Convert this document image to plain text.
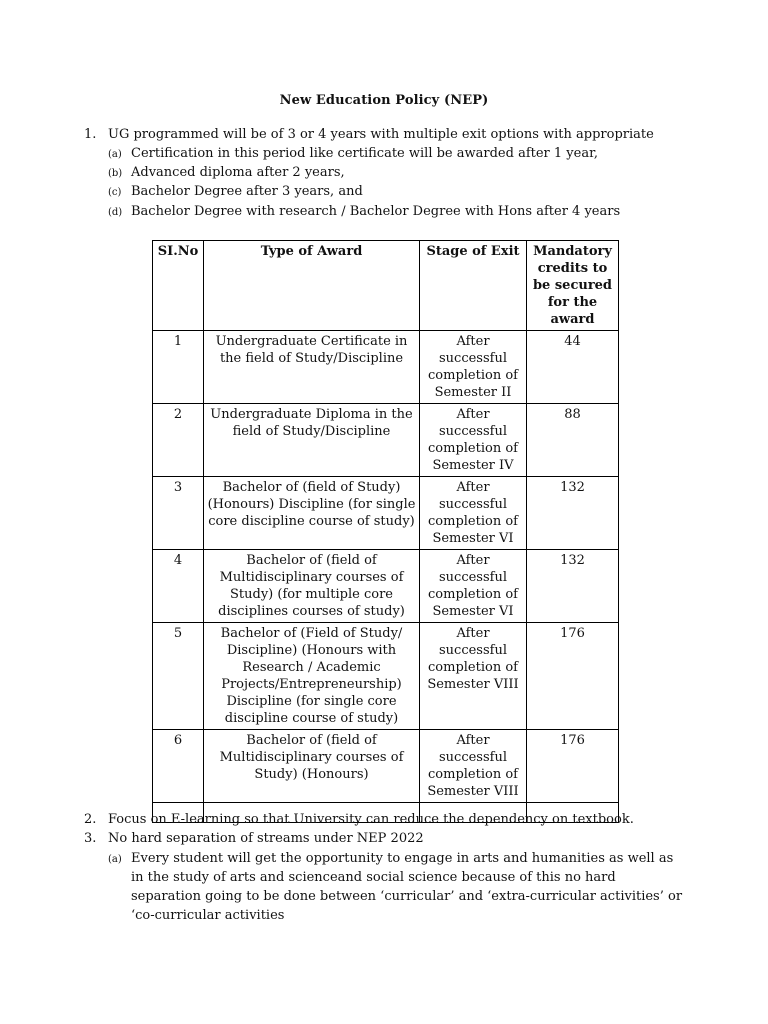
New Education Policy (NEP)
1. UG programmed will be of 3 or 4 years with multiple exit options with appropriate
(a) Certification in this period like certificate will be awarded after 1 year,
(b) Advanced diploma after 2 years,
(c) Bachelor Degree after 3 years, and
(d) Bachelor Degree with research / Bachelor Degree with Hons after 4 years
SI.No	Type of Award	Stage of Exit	Mandatory credits to be secured for the award
1	Undergraduate Certificate in the field of Study/Discipline	After successful completion of Semester II	44
2	Undergraduate Diploma in the field of Study/Discipline	After successful completion of Semester IV	88
3	Bachelor of (field of Study) (Honours) Discipline (for single core discipline course of study)	After successful completion of Semester VI	132
4	Bachelor of (field of Multidisciplinary courses of Study) (for multiple core disciplines courses of study)	After successful completion of Semester VI	132
5	Bachelor of (Field of Study/ Discipline) (Honours with Research / Academic Projects/Entrepreneurship) Discipline (for single core discipline course of study)	After successful completion of Semester VIII	176
6	Bachelor of (field of Multidisciplinary courses of Study) (Honours)	After successful completion of Semester VIII	176

2. Focus on E-learning so that University can reduce the dependency on textbook.
3. No hard separation of streams under NEP 2022
(a) Every student will get the opportunity to engage in arts and humanities as well as
in the study of arts and scienceand social science because of this no hard
separation going to be done between ‘curricular’ and ‘extra-curricular activities’ or
‘co-curricular activities
